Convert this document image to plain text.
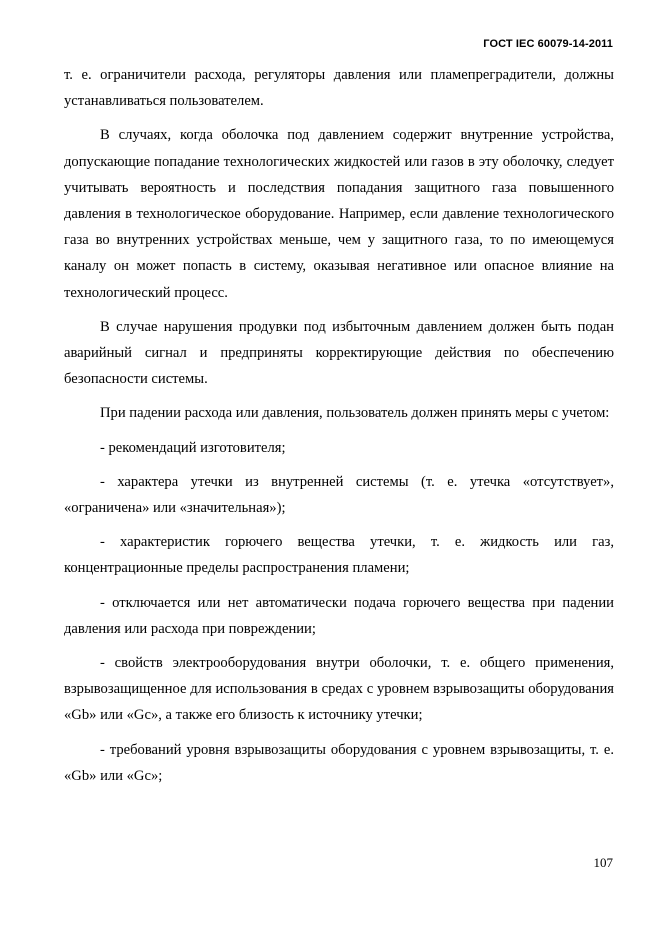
ГОСТ IEC 60079-14-2011

т. е. ограничители расхода, регуляторы давления или пламепреградители, должны устанавливаться пользователем.

В случаях, когда оболочка под давлением содержит внутренние устройства, допускающие попадание технологических жидкостей или газов в эту оболочку, следует учитывать вероятность и последствия попадания защитного газа повышенного давления в технологическое оборудование. Например, если давление технологического газа во внутренних устройствах меньше, чем у защитного газа, то по имеющемуся каналу он может попасть в систему, оказывая негативное или опасное влияние на технологический процесс.

В случае нарушения продувки под избыточным давлением должен быть подан аварийный сигнал и предприняты корректирующие действия по обеспечению безопасности системы.

При падении расхода или давления, пользователь должен принять меры с учетом:

- рекомендаций изготовителя;

- характера утечки из внутренней системы (т. е. утечка «отсутствует», «ограничена» или «значительная»);

- характеристик горючего вещества утечки, т. е. жидкость или газ, концентрационные пределы распространения пламени;

- отключается или нет автоматически подача горючего вещества при падении давления или расхода при повреждении;

- свойств электрооборудования внутри оболочки, т. е. общего применения, взрывозащищенное для использования в средах с уровнем взрывозащиты оборудования «Gb» или «Gc», а также его близость к источнику утечки;

- требований уровня взрывозащиты оборудования с уровнем взрывозащиты, т. е. «Gb» или «Gc»;

107
